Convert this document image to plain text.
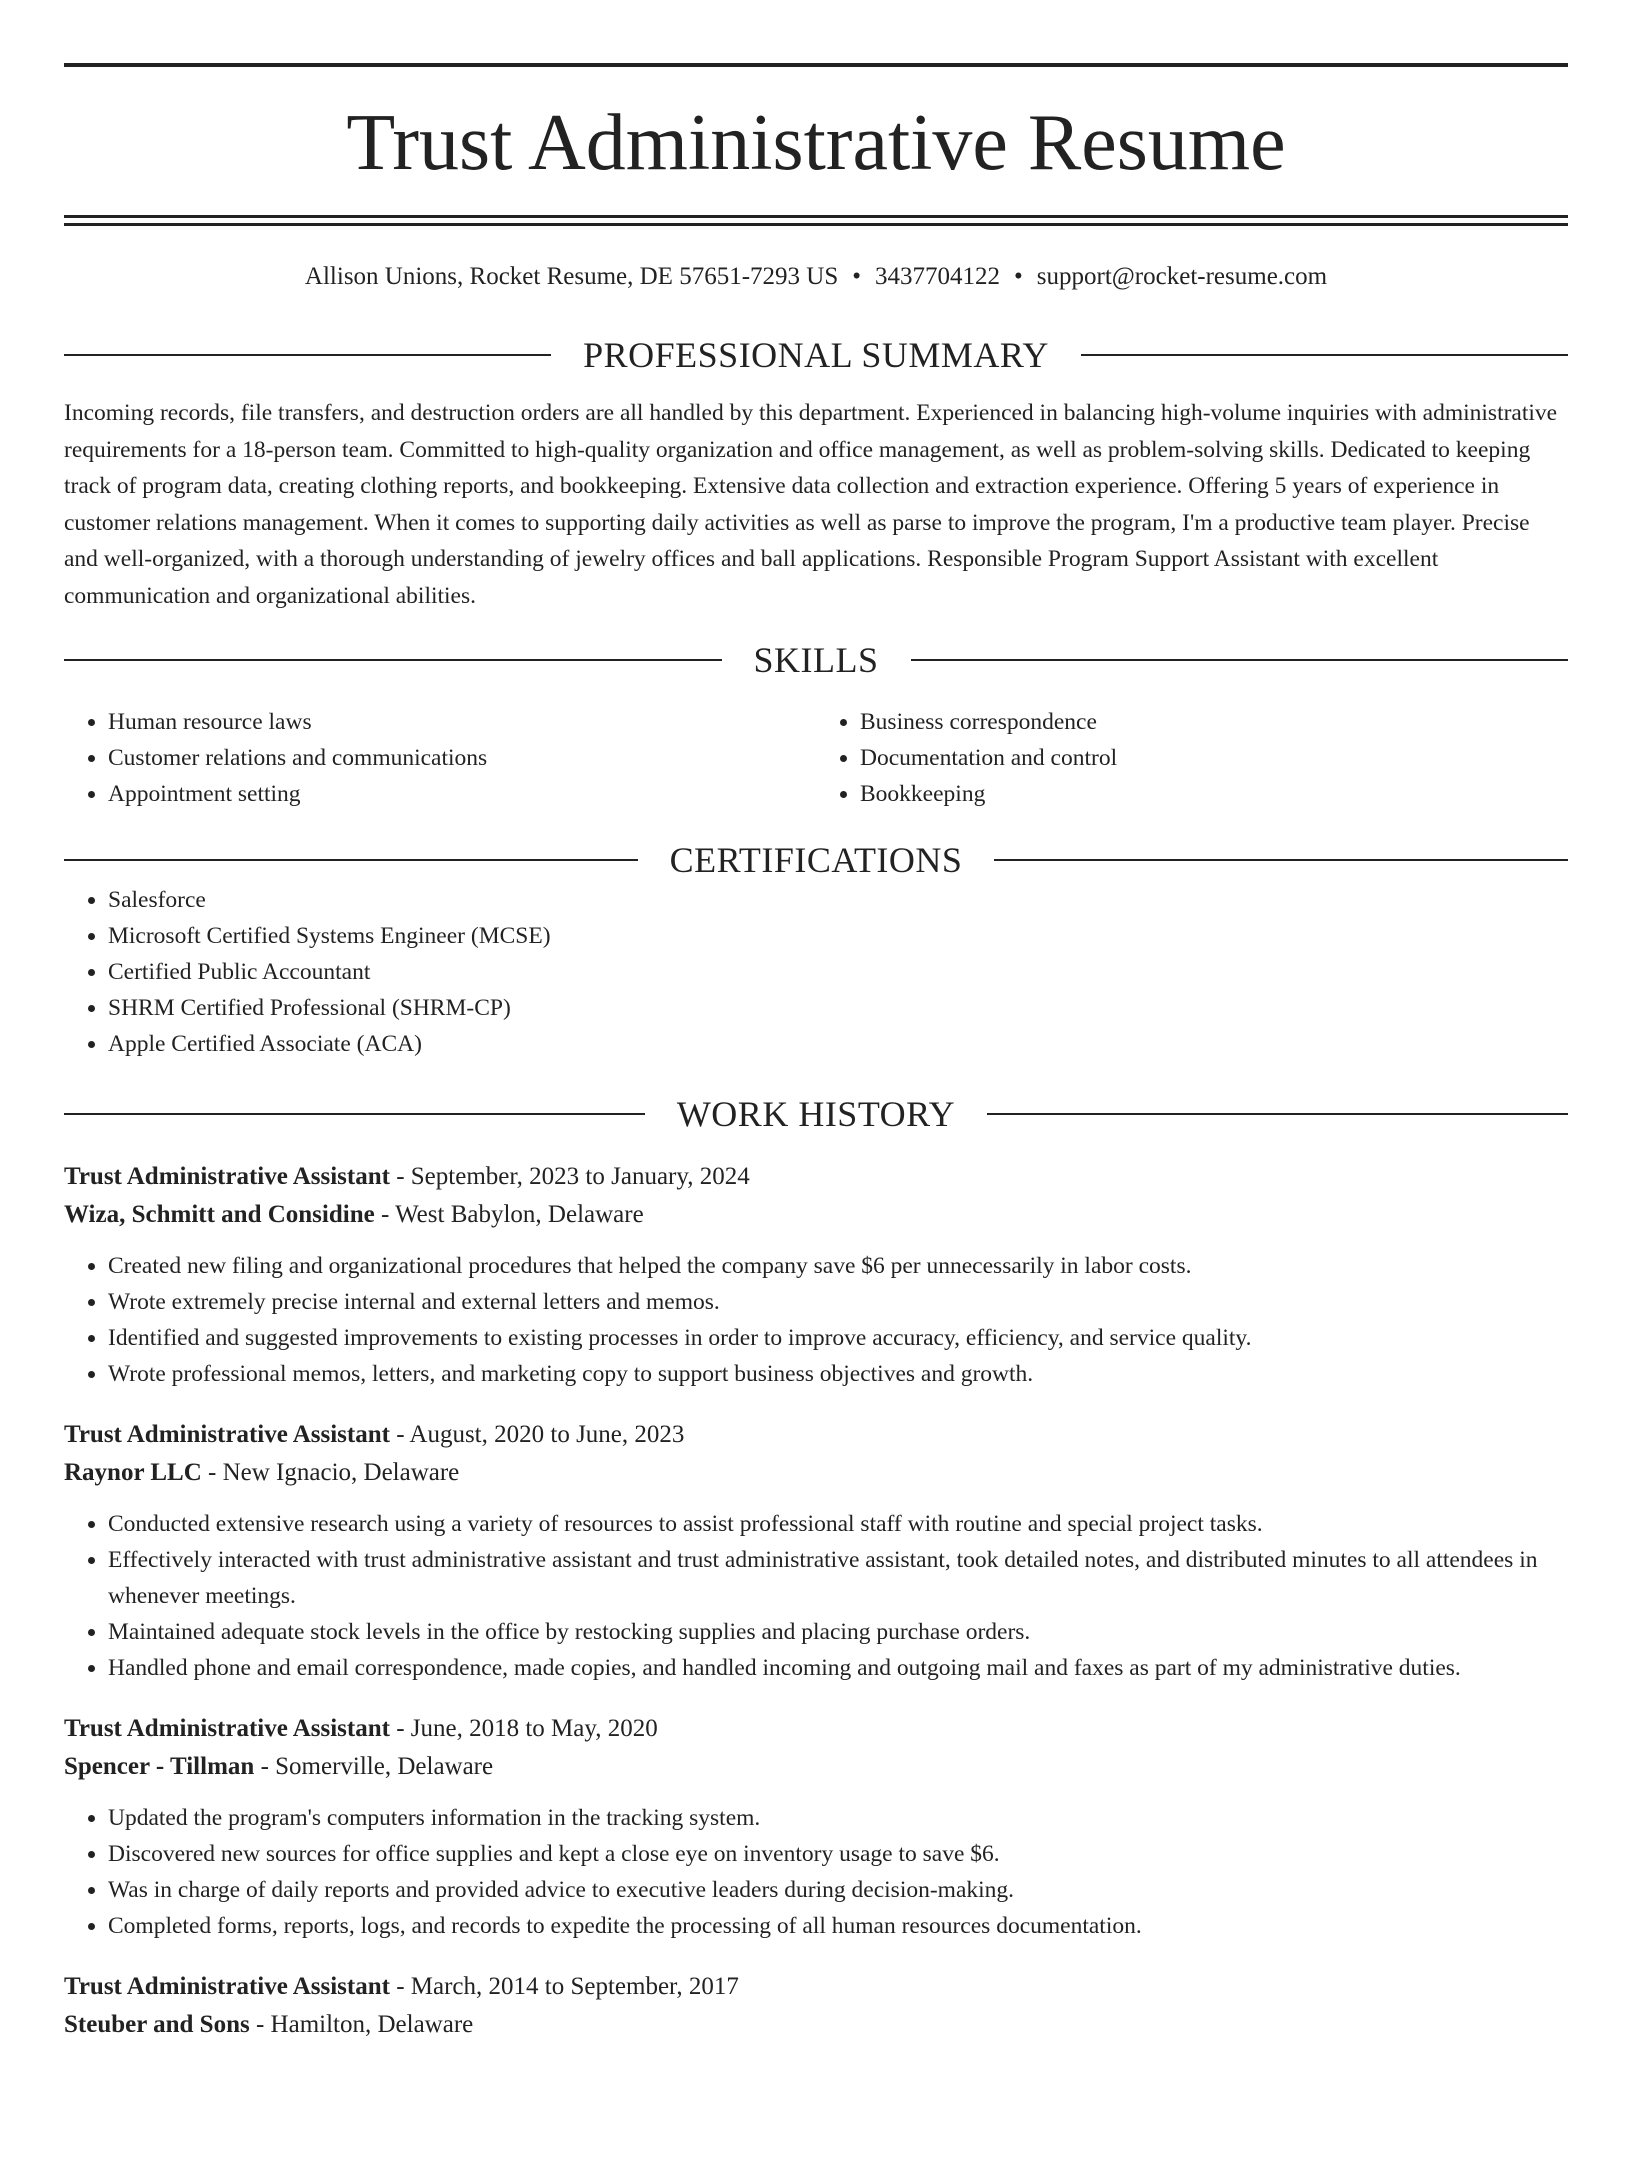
Trust Administrative Resume
Allison Unions, Rocket Resume, DE 57651-7293 US • 3437704122 • support@rocket-resume.com
PROFESSIONAL SUMMARY
Incoming records, file transfers, and destruction orders are all handled by this department. Experienced in balancing high-volume inquiries with administrative requirements for a 18-person team. Committed to high-quality organization and office management, as well as problem-solving skills. Dedicated to keeping track of program data, creating clothing reports, and bookkeeping. Extensive data collection and extraction experience. Offering 5 years of experience in customer relations management. When it comes to supporting daily activities as well as parse to improve the program, I'm a productive team player. Precise and well-organized, with a thorough understanding of jewelry offices and ball applications. Responsible Program Support Assistant with excellent communication and organizational abilities.
SKILLS
• Human resource laws
• Customer relations and communications
• Appointment setting
• Business correspondence
• Documentation and control
• Bookkeeping
CERTIFICATIONS
• Salesforce
• Microsoft Certified Systems Engineer (MCSE)
• Certified Public Accountant
• SHRM Certified Professional (SHRM-CP)
• Apple Certified Associate (ACA)
WORK HISTORY
Trust Administrative Assistant - September, 2023 to January, 2024
Wiza, Schmitt and Considine - West Babylon, Delaware
• Created new filing and organizational procedures that helped the company save $6 per unnecessarily in labor costs.
• Wrote extremely precise internal and external letters and memos.
• Identified and suggested improvements to existing processes in order to improve accuracy, efficiency, and service quality.
• Wrote professional memos, letters, and marketing copy to support business objectives and growth.
Trust Administrative Assistant - August, 2020 to June, 2023
Raynor LLC - New Ignacio, Delaware
• Conducted extensive research using a variety of resources to assist professional staff with routine and special project tasks.
• Effectively interacted with trust administrative assistant and trust administrative assistant, took detailed notes, and distributed minutes to all attendees in whenever meetings.
• Maintained adequate stock levels in the office by restocking supplies and placing purchase orders.
• Handled phone and email correspondence, made copies, and handled incoming and outgoing mail and faxes as part of my administrative duties.
Trust Administrative Assistant - June, 2018 to May, 2020
Spencer - Tillman - Somerville, Delaware
• Updated the program's computers information in the tracking system.
• Discovered new sources for office supplies and kept a close eye on inventory usage to save $6.
• Was in charge of daily reports and provided advice to executive leaders during decision-making.
• Completed forms, reports, logs, and records to expedite the processing of all human resources documentation.
Trust Administrative Assistant - March, 2014 to September, 2017
Steuber and Sons - Hamilton, Delaware
